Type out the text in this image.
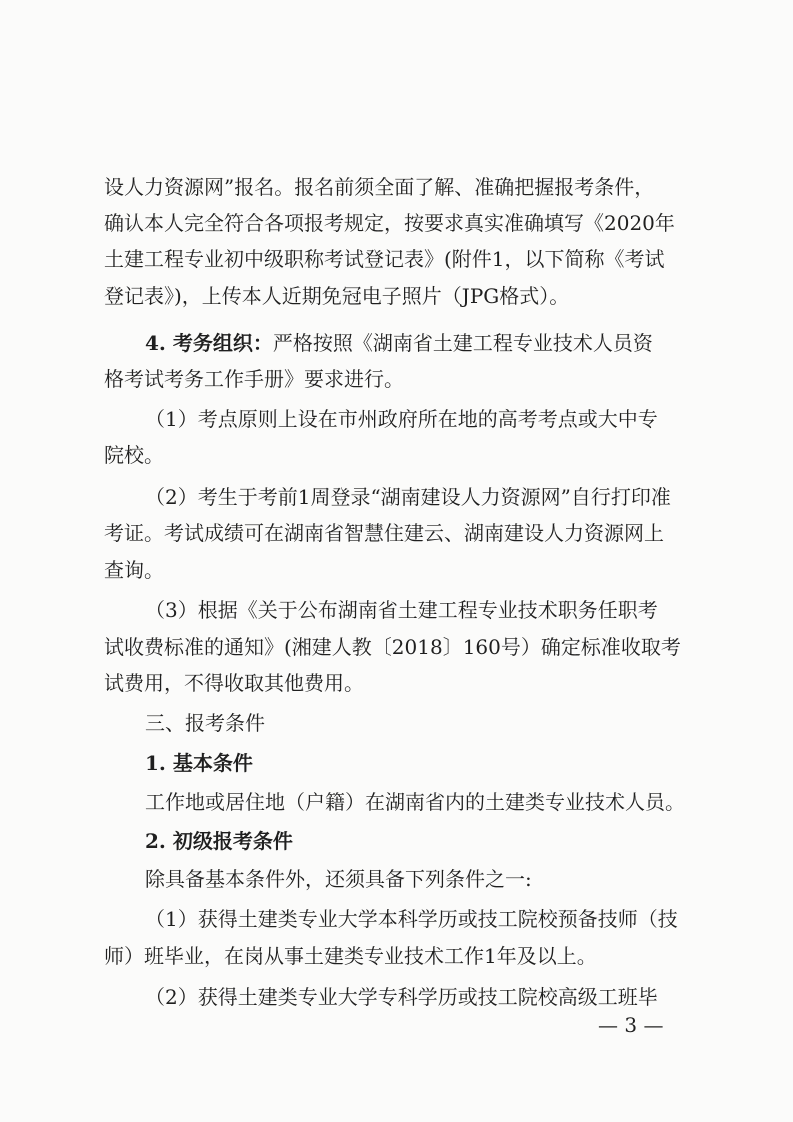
设人力资源网”报名。报名前须全面了解、准确把握报考条件，
确认本人完全符合各项报考规定，按要求真实准确填写《2020年
土建工程专业初中级职称考试登记表》(附件1，以下简称《考试
登记表》)，上传本人近期免冠电子照片（JPG格式）。
4. 考务组织：严格按照《湖南省土建工程专业技术人员资
格考试考务工作手册》要求进行。
（1）考点原则上设在市州政府所在地的高考考点或大中专
院校。
（2）考生于考前1周登录“湖南建设人力资源网”自行打印准
考证。考试成绩可在湖南省智慧住建云、湖南建设人力资源网上
查询。
（3）根据《关于公布湖南省土建工程专业技术职务任职考
试收费标准的通知》(湘建人教〔2018〕160号）确定标准收取考
试费用，不得收取其他费用。
三、报考条件
1. 基本条件
工作地或居住地（户籍）在湖南省内的土建类专业技术人员。
2. 初级报考条件
除具备基本条件外，还须具备下列条件之一:
（1）获得土建类专业大学本科学历或技工院校预备技师（技
师）班毕业，在岗从事土建类专业技术工作1年及以上。
（2）获得土建类专业大学专科学历或技工院校高级工班毕
— 3 —
